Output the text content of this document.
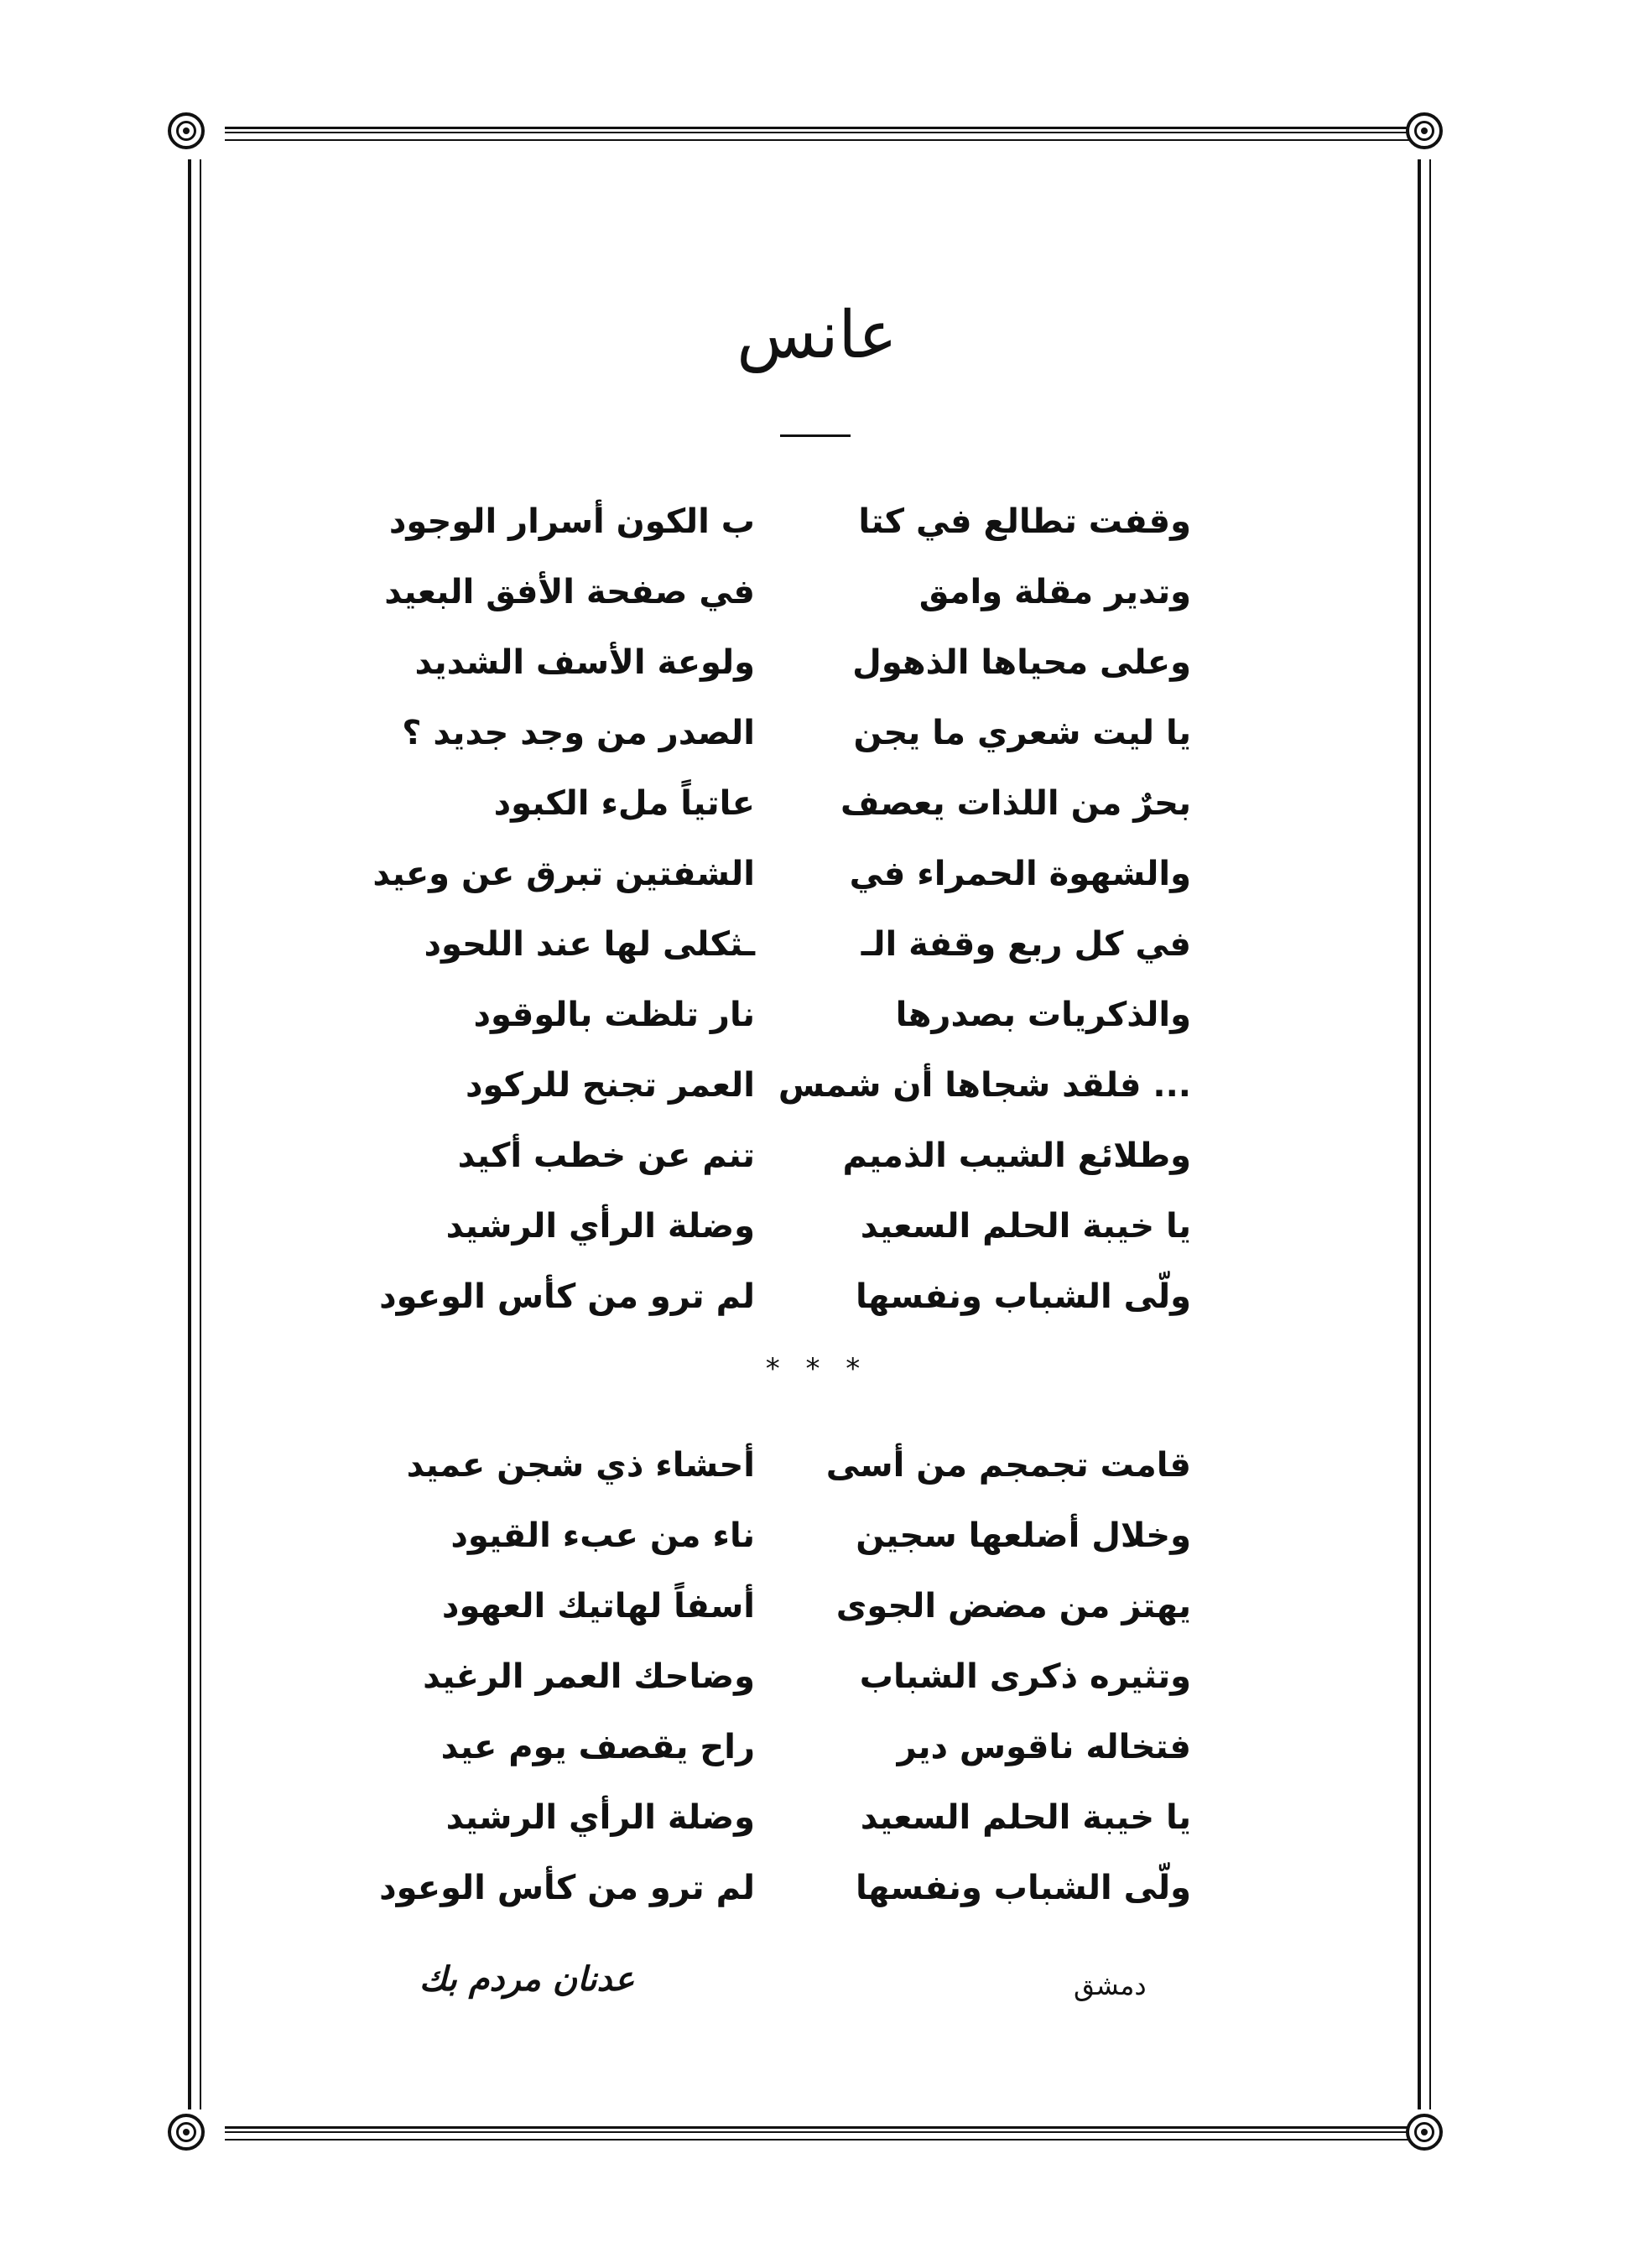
عانس
وقفت تطالع في كتا
ب الكون أسرار الوجود
وتدير مقلة وامق
في صفحة الأفق البعيد
وعلى محياها الذهول
ولوعة الأسف الشديد
يا ليت شعري ما يجن
الصدر من وجد جديد ؟
بحرٌ من اللذات يعصف
عاتياً ملء الكبود
والشهوة الحمراء في
الشفتين تبرق عن وعيد
في كل ربع وقفة الـ
ـثكلى لها عند اللحود
والذكريات بصدرها
نار تلظت بالوقود
... فلقد شجاها أن شمس
العمر تجنح للركود
وطلائع الشيب الذميم
تنم عن خطب أكيد
يا خيبة الحلم السعيد
وضلة الرأي الرشيد
ولّى الشباب ونفسها
لم ترو من كأس الوعود
* * *
قامت تجمجم من أسى
أحشاء ذي شجن عميد
وخلال أضلعها سجين
ناء من عبء القيود
يهتز من مضض الجوى
أسفاً لهاتيك العهود
وتثيره ذكرى الشباب
وضاحك العمر الرغيد
فتخاله ناقوس دير
راح يقصف يوم عيد
يا خيبة الحلم السعيد
وضلة الرأي الرشيد
ولّى الشباب ونفسها
لم ترو من كأس الوعود
دمشق
عدنان مردم بك
